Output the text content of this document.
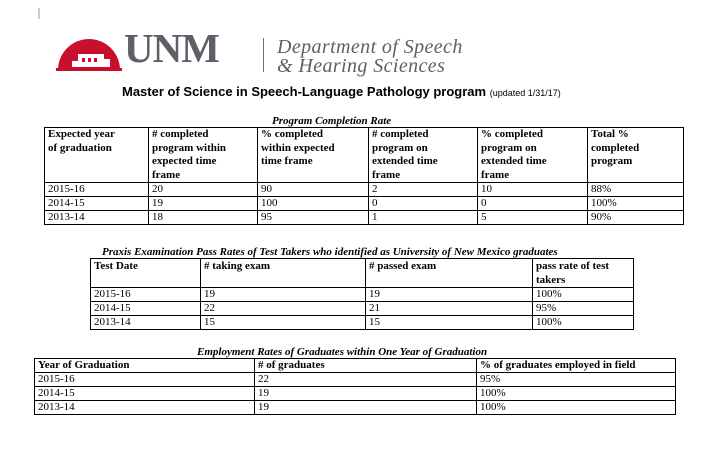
UNM	Department of Speech
& Hearing Sciences
Master of Science in Speech-Language Pathology program (updated 1/31/17)
Program Completion Rate
Expected year
of graduation	# completed
program within
expected time
frame	% completed
within expected
time frame	# completed
program on
extended time
frame	% completed
program on
extended time
frame	Total %
completed
program
2015-16	20	90	2	10	88%
2014-15	19	100	0	0	100%
2013-14	18	95	1	5	90%
Praxis Examination Pass Rates of Test Takers who identified as University of New Mexico graduates
Test Date	# taking exam	# passed exam	pass rate of test
takers
2015-16	19	19	100%
2014-15	22	21	95%
2013-14	15	15	100%
Employment Rates of Graduates within One Year of Graduation
Year of Graduation	# of graduates	% of graduates employed in field
2015-16	22	95%
2014-15	19	100%
2013-14	19	100%
